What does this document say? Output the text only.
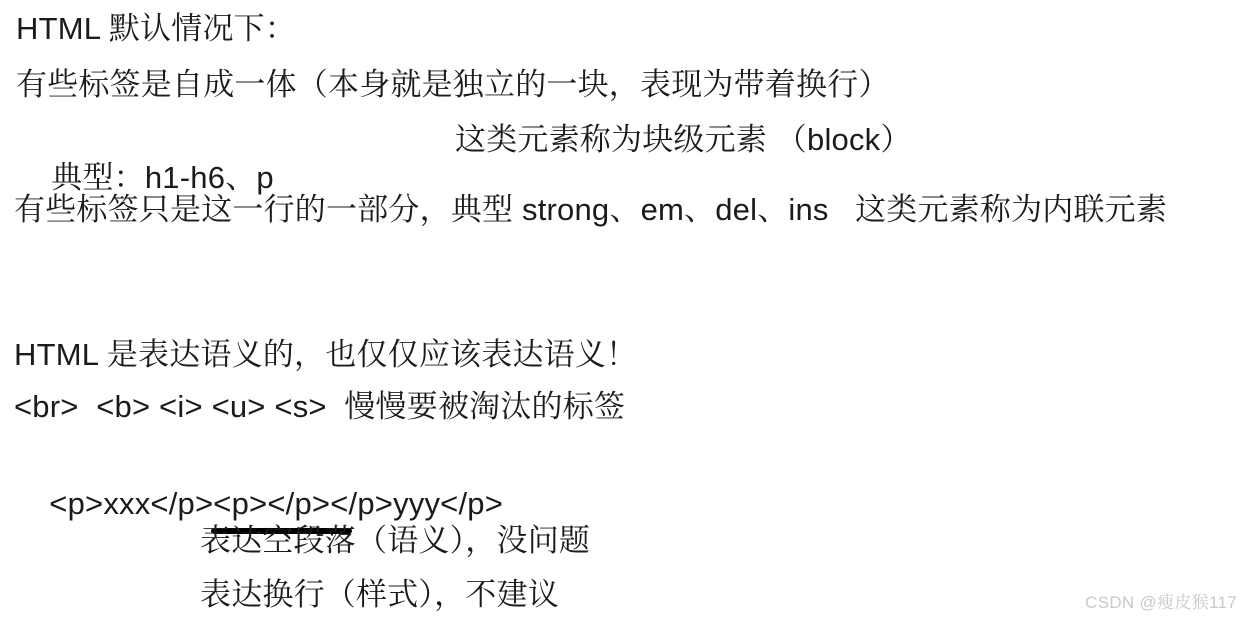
HTML 默认情况下：
有些标签是自成一体（本身就是独立的一块，表现为带着换行）

典型：h1-h6、p

这类元素称为块级元素 （block）

有些标签只是这一行的一部分，典型 strong、em、del、ins   这类元素称为内联元素
HTML 是表达语义的，也仅仅应该表达语义！
<br>  <b> <i> <u> <s>  慢慢要被淘汰的标签

<p>xxx</p><p></p>
</p>yyy</p>

表达空段落（语义），没问题
表达换行（样式），不建议	CSDN @瘦皮猴117
